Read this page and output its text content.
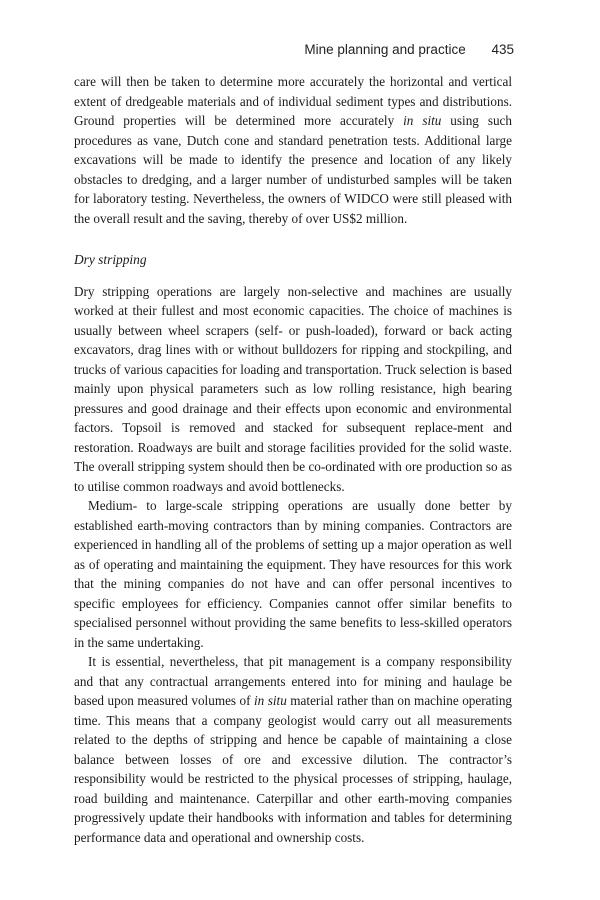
Mine planning and practice 435

care will then be taken to determine more accurately the horizontal and vertical extent of dredgeable materials and of individual sediment types and distributions. Ground properties will be determined more accurately in situ using such procedures as vane, Dutch cone and standard penetration tests. Additional large excavations will be made to identify the presence and location of any likely obstacles to dredging, and a larger number of undisturbed samples will be taken for laboratory testing. Nevertheless, the owners of WIDCO were still pleased with the overall result and the saving, thereby of over US$2 million.

Dry stripping

Dry stripping operations are largely non-selective and machines are usually worked at their fullest and most economic capacities. The choice of machines is usually between wheel scrapers (self- or push-loaded), forward or back acting excavators, drag lines with or without bulldozers for ripping and stockpiling, and trucks of various capacities for loading and transportation. Truck selection is based mainly upon physical parameters such as low rolling resistance, high bearing pressures and good drainage and their effects upon economic and environmental factors. Topsoil is removed and stacked for subsequent replace-ment and restoration. Roadways are built and storage facilities provided for the solid waste. The overall stripping system should then be co-ordinated with ore production so as to utilise common roadways and avoid bottlenecks.

Medium- to large-scale stripping operations are usually done better by established earth-moving contractors than by mining companies. Contractors are experienced in handling all of the problems of setting up a major operation as well as of operating and maintaining the equipment. They have resources for this work that the mining companies do not have and can offer personal incentives to specific employees for efficiency. Companies cannot offer similar benefits to specialised personnel without providing the same benefits to less-skilled operators in the same undertaking.

It is essential, nevertheless, that pit management is a company responsibility and that any contractual arrangements entered into for mining and haulage be based upon measured volumes of in situ material rather than on machine operating time. This means that a company geologist would carry out all measurements related to the depths of stripping and hence be capable of maintaining a close balance between losses of ore and excessive dilution. The contractor’s responsibility would be restricted to the physical processes of stripping, haulage, road building and maintenance. Caterpillar and other earth-moving companies progressively update their handbooks with information and tables for determining performance data and operational and ownership costs.
